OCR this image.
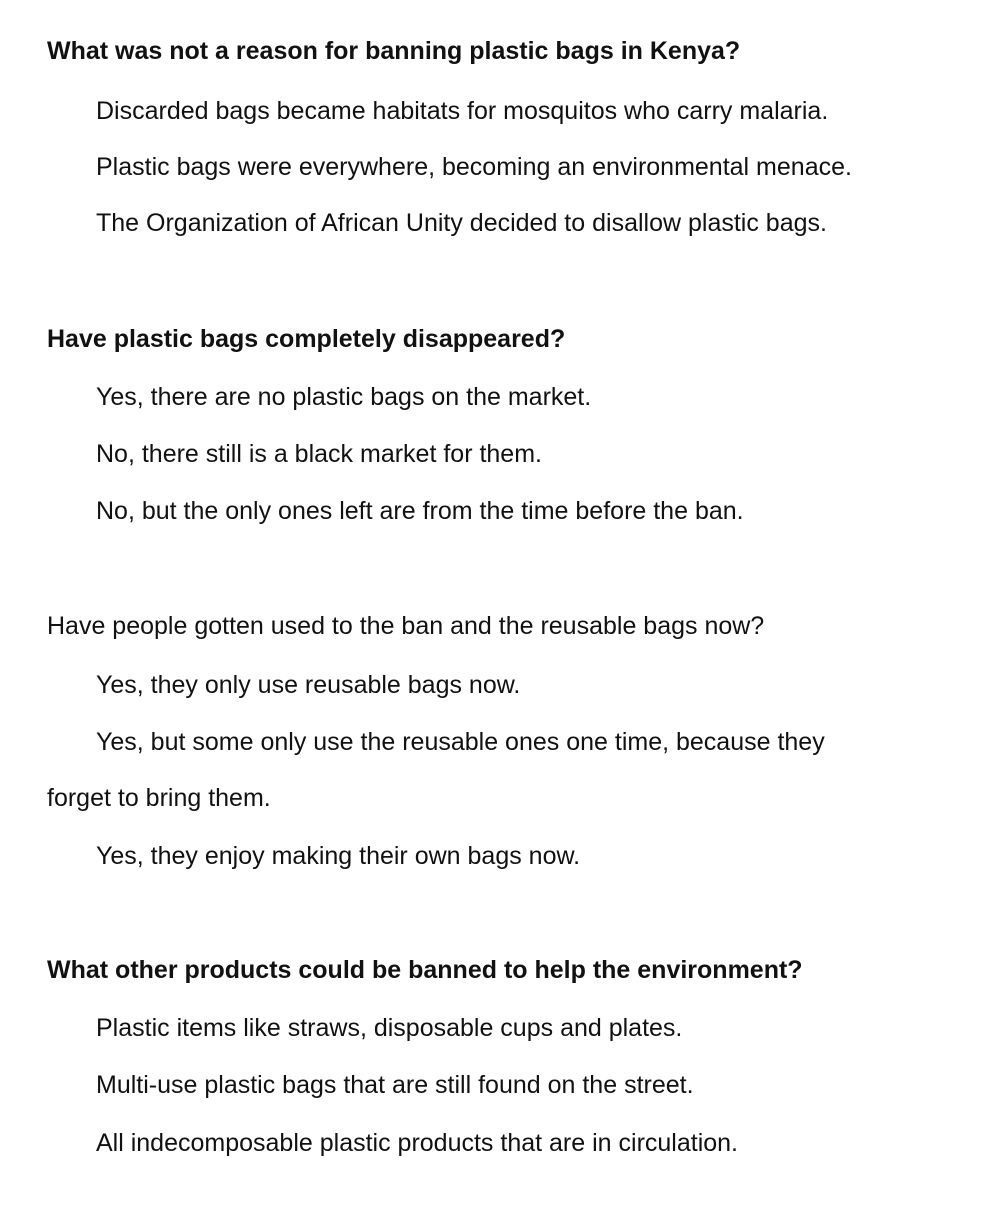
What was not a reason for banning plastic bags in Kenya?
Discarded bags became habitats for mosquitos who carry malaria.
Plastic bags were everywhere, becoming an environmental menace.
The Organization of African Unity decided to disallow plastic bags.
Have plastic bags completely disappeared?
Yes, there are no plastic bags on the market.
No, there still is a black market for them.
No, but the only ones left are from the time before the ban.
Have people gotten used to the ban and the reusable bags now?
Yes, they only use reusable bags now.
Yes, but some only use the reusable ones one time, because they
forget to bring them.
Yes, they enjoy making their own bags now.
What other products could be banned to help the environment?
Plastic items like straws, disposable cups and plates.
Multi-use plastic bags that are still found on the street.
All indecomposable plastic products that are in circulation.
